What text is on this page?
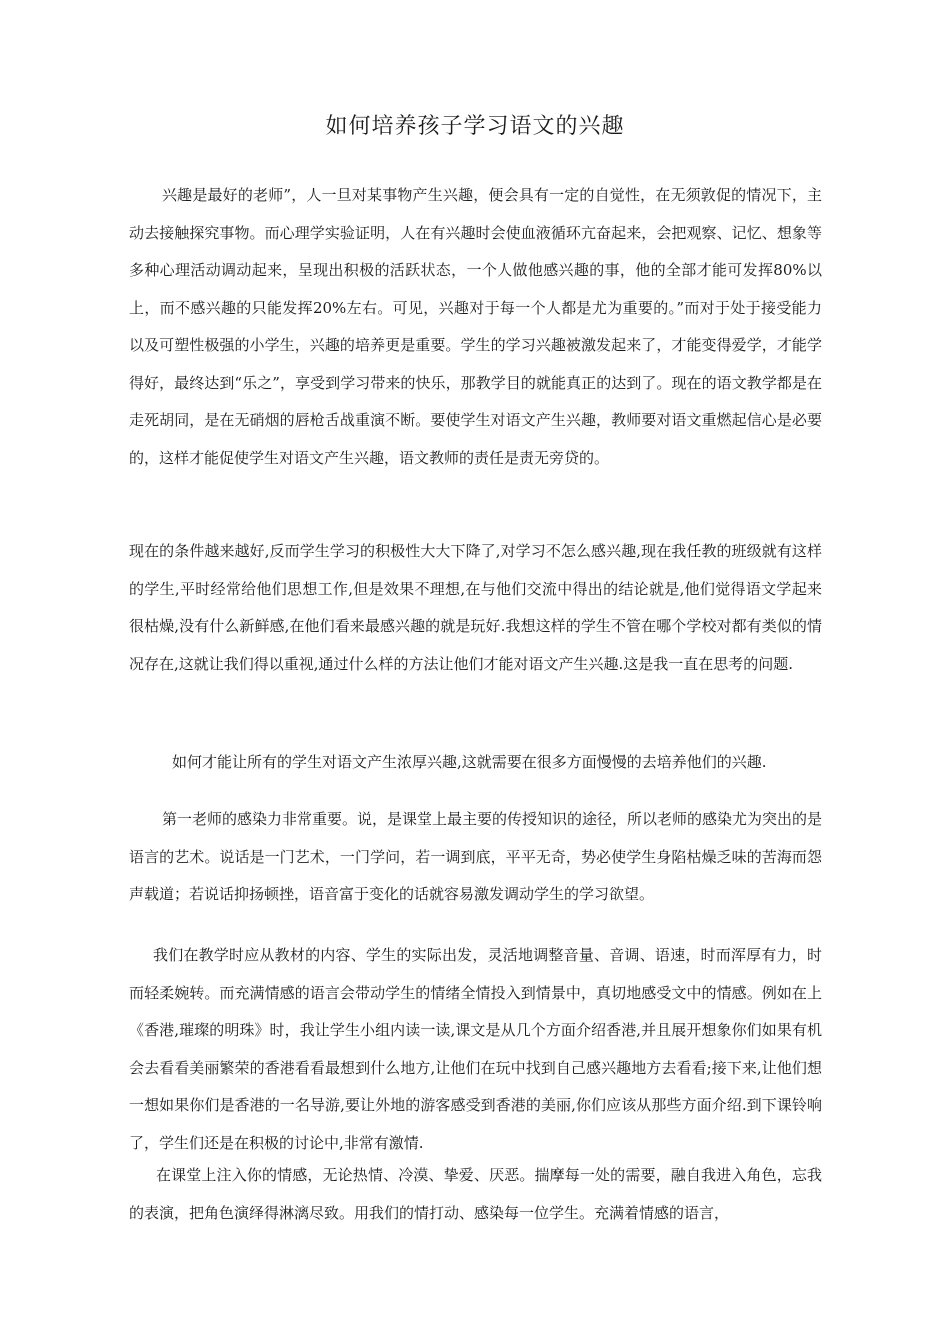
如何培养孩子学习语文的兴趣

兴趣是最好的老师”，人一旦对某事物产生兴趣，便会具有一定的自觉性，在无须敦促的情况下，主动去接触探究事物。而心理学实验证明，人在有兴趣时会使血液循环亢奋起来，会把观察、记忆、想象等多种心理活动调动起来，呈现出积极的活跃状态，一个人做他感兴趣的事，他的全部才能可发挥80%以上，而不感兴趣的只能发挥20%左右。可见，兴趣对于每一个人都是尤为重要的。”而对于处于接受能力以及可塑性极强的小学生，兴趣的培养更是重要。学生的学习兴趣被激发起来了，才能变得爱学，才能学得好，最终达到“乐之”，享受到学习带来的快乐，那教学目的就能真正的达到了。现在的语文教学都是在走死胡同，是在无硝烟的唇枪舌战重演不断。要使学生对语文产生兴趣，教师要对语文重燃起信心是必要的，这样才能促使学生对语文产生兴趣，语文教师的责任是责无旁贷的。

现在的条件越来越好,反而学生学习的积极性大大下降了,对学习不怎么感兴趣,现在我任教的班级就有这样的学生,平时经常给他们思想工作,但是效果不理想,在与他们交流中得出的结论就是,他们觉得语文学起来很枯燥,没有什么新鲜感,在他们看来最感兴趣的就是玩好.我想这样的学生不管在哪个学校对都有类似的情况存在,这就让我们得以重视,通过什么样的方法让他们才能对语文产生兴趣.这是我一直在思考的问题.

如何才能让所有的学生对语文产生浓厚兴趣,这就需要在很多方面慢慢的去培养他们的兴趣.

第一老师的感染力非常重要。说，是课堂上最主要的传授知识的途径，所以老师的感染尤为突出的是语言的艺术。说话是一门艺术，一门学问，若一调到底，平平无奇，势必使学生身陷枯燥乏味的苦海而怨声载道；若说话抑扬顿挫，语音富于变化的话就容易激发调动学生的学习欲望。

我们在教学时应从教材的内容、学生的实际出发，灵活地调整音量、音调、语速，时而浑厚有力，时而轻柔婉转。而充满情感的语言会带动学生的情绪全情投入到情景中，真切地感受文中的情感。例如在上《香港,璀璨的明珠》时，我让学生小组内读一读,课文是从几个方面介绍香港,并且展开想象你们如果有机会去看看美丽繁荣的香港看看最想到什么地方,让他们在玩中找到自己感兴趣地方去看看;接下来,让他们想一想如果你们是香港的一名导游,要让外地的游客感受到香港的美丽,你们应该从那些方面介绍.到下课铃响了，学生们还是在积极的讨论中,非常有激情.

在课堂上注入你的情感，无论热情、冷漠、挚爱、厌恶。揣摩每一处的需要，融自我进入角色，忘我的表演，把角色演绎得淋漓尽致。用我们的情打动、感染每一位学生。充满着情感的语言，
